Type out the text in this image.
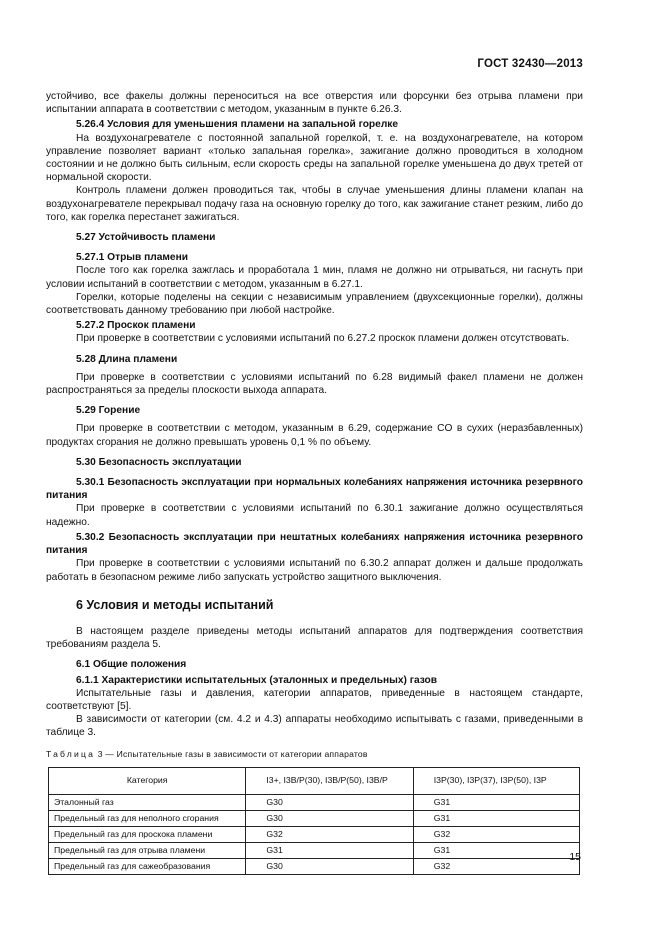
ГОСТ 32430—2013

устойчиво, все факелы должны переноситься на все отверстия или форсунки без отрыва пламени при испытании аппарата в соответствии с методом, указанным в пункте 6.26.3.

5.26.4 Условия для уменьшения пламени на запальной горелке

На воздухонагревателе с постоянной запальной горелкой, т. е. на воздухонагревателе, на котором управление позволяет вариант «только запальная горелка», зажигание должно проводиться в холодном состоянии и не должно быть сильным, если скорость среды на запальной горелке уменьшена до двух третей от нормальной скорости.

Контроль пламени должен проводиться так, чтобы в случае уменьшения длины пламени клапан на воздухонагревателе перекрывал подачу газа на основную горелку до того, как зажигание станет резким, либо до того, как горелка перестанет зажигаться.

5.27 Устойчивость пламени

5.27.1 Отрыв пламени

После того как горелка зажглась и проработала 1 мин, пламя не должно ни отрываться, ни гаснуть при условии испытаний в соответствии с методом, указанным в 6.27.1.

Горелки, которые поделены на секции с независимым управлением (двухсекционные горелки), должны соответствовать данному требованию при любой настройке.

5.27.2 Проскок пламени

При проверке в соответствии с условиями испытаний по 6.27.2 проскок пламени должен отсутствовать.

5.28 Длина пламени

При проверке в соответствии с условиями испытаний по 6.28 видимый факел пламени не должен распространяться за пределы плоскости выхода аппарата.

5.29 Горение

При проверке в соответствии с методом, указанным в 6.29, содержание CO в сухих (неразбавленных) продуктах сгорания не должно превышать уровень 0,1 % по объему.

5.30 Безопасность эксплуатации

5.30.1 Безопасность эксплуатации при нормальных колебаниях напряжения источника резервного питания

При проверке в соответствии с условиями испытаний по 6.30.1 зажигание должно осуществляться надежно.

5.30.2 Безопасность эксплуатации при нештатных колебаниях напряжения источника резервного питания

При проверке в соответствии с условиями испытаний по 6.30.2 аппарат должен и дальше продолжать работать в безопасном режиме либо запускать устройство защитного выключения.

6 Условия и методы испытаний

В настоящем разделе приведены методы испытаний аппаратов для подтверждения соответствия требованиям раздела 5.

6.1 Общие положения

6.1.1 Характеристики испытательных (эталонных и предельных) газов

Испытательные газы и давления, категории аппаратов, приведенные в настоящем стандарте, соответствуют [5].

В зависимости от категории (см. 4.2 и 4.3) аппараты необходимо испытывать с газами, приведенными в таблице 3.

Таблица 3 — Испытательные газы в зависимости от категории аппаратов

Категория	I3+, I3B/P(30), I3B/P(50), I3B/P	I3P(30), I3P(37), I3P(50), I3P
Эталонный газ	G30	G31
Предельный газ для неполного сгорания	G30	G31
Предельный газ для проскока пламени	G32	G32
Предельный газ для отрыва пламени	G31	G31
Предельный газ для сажеобразования	G30	G32
15
